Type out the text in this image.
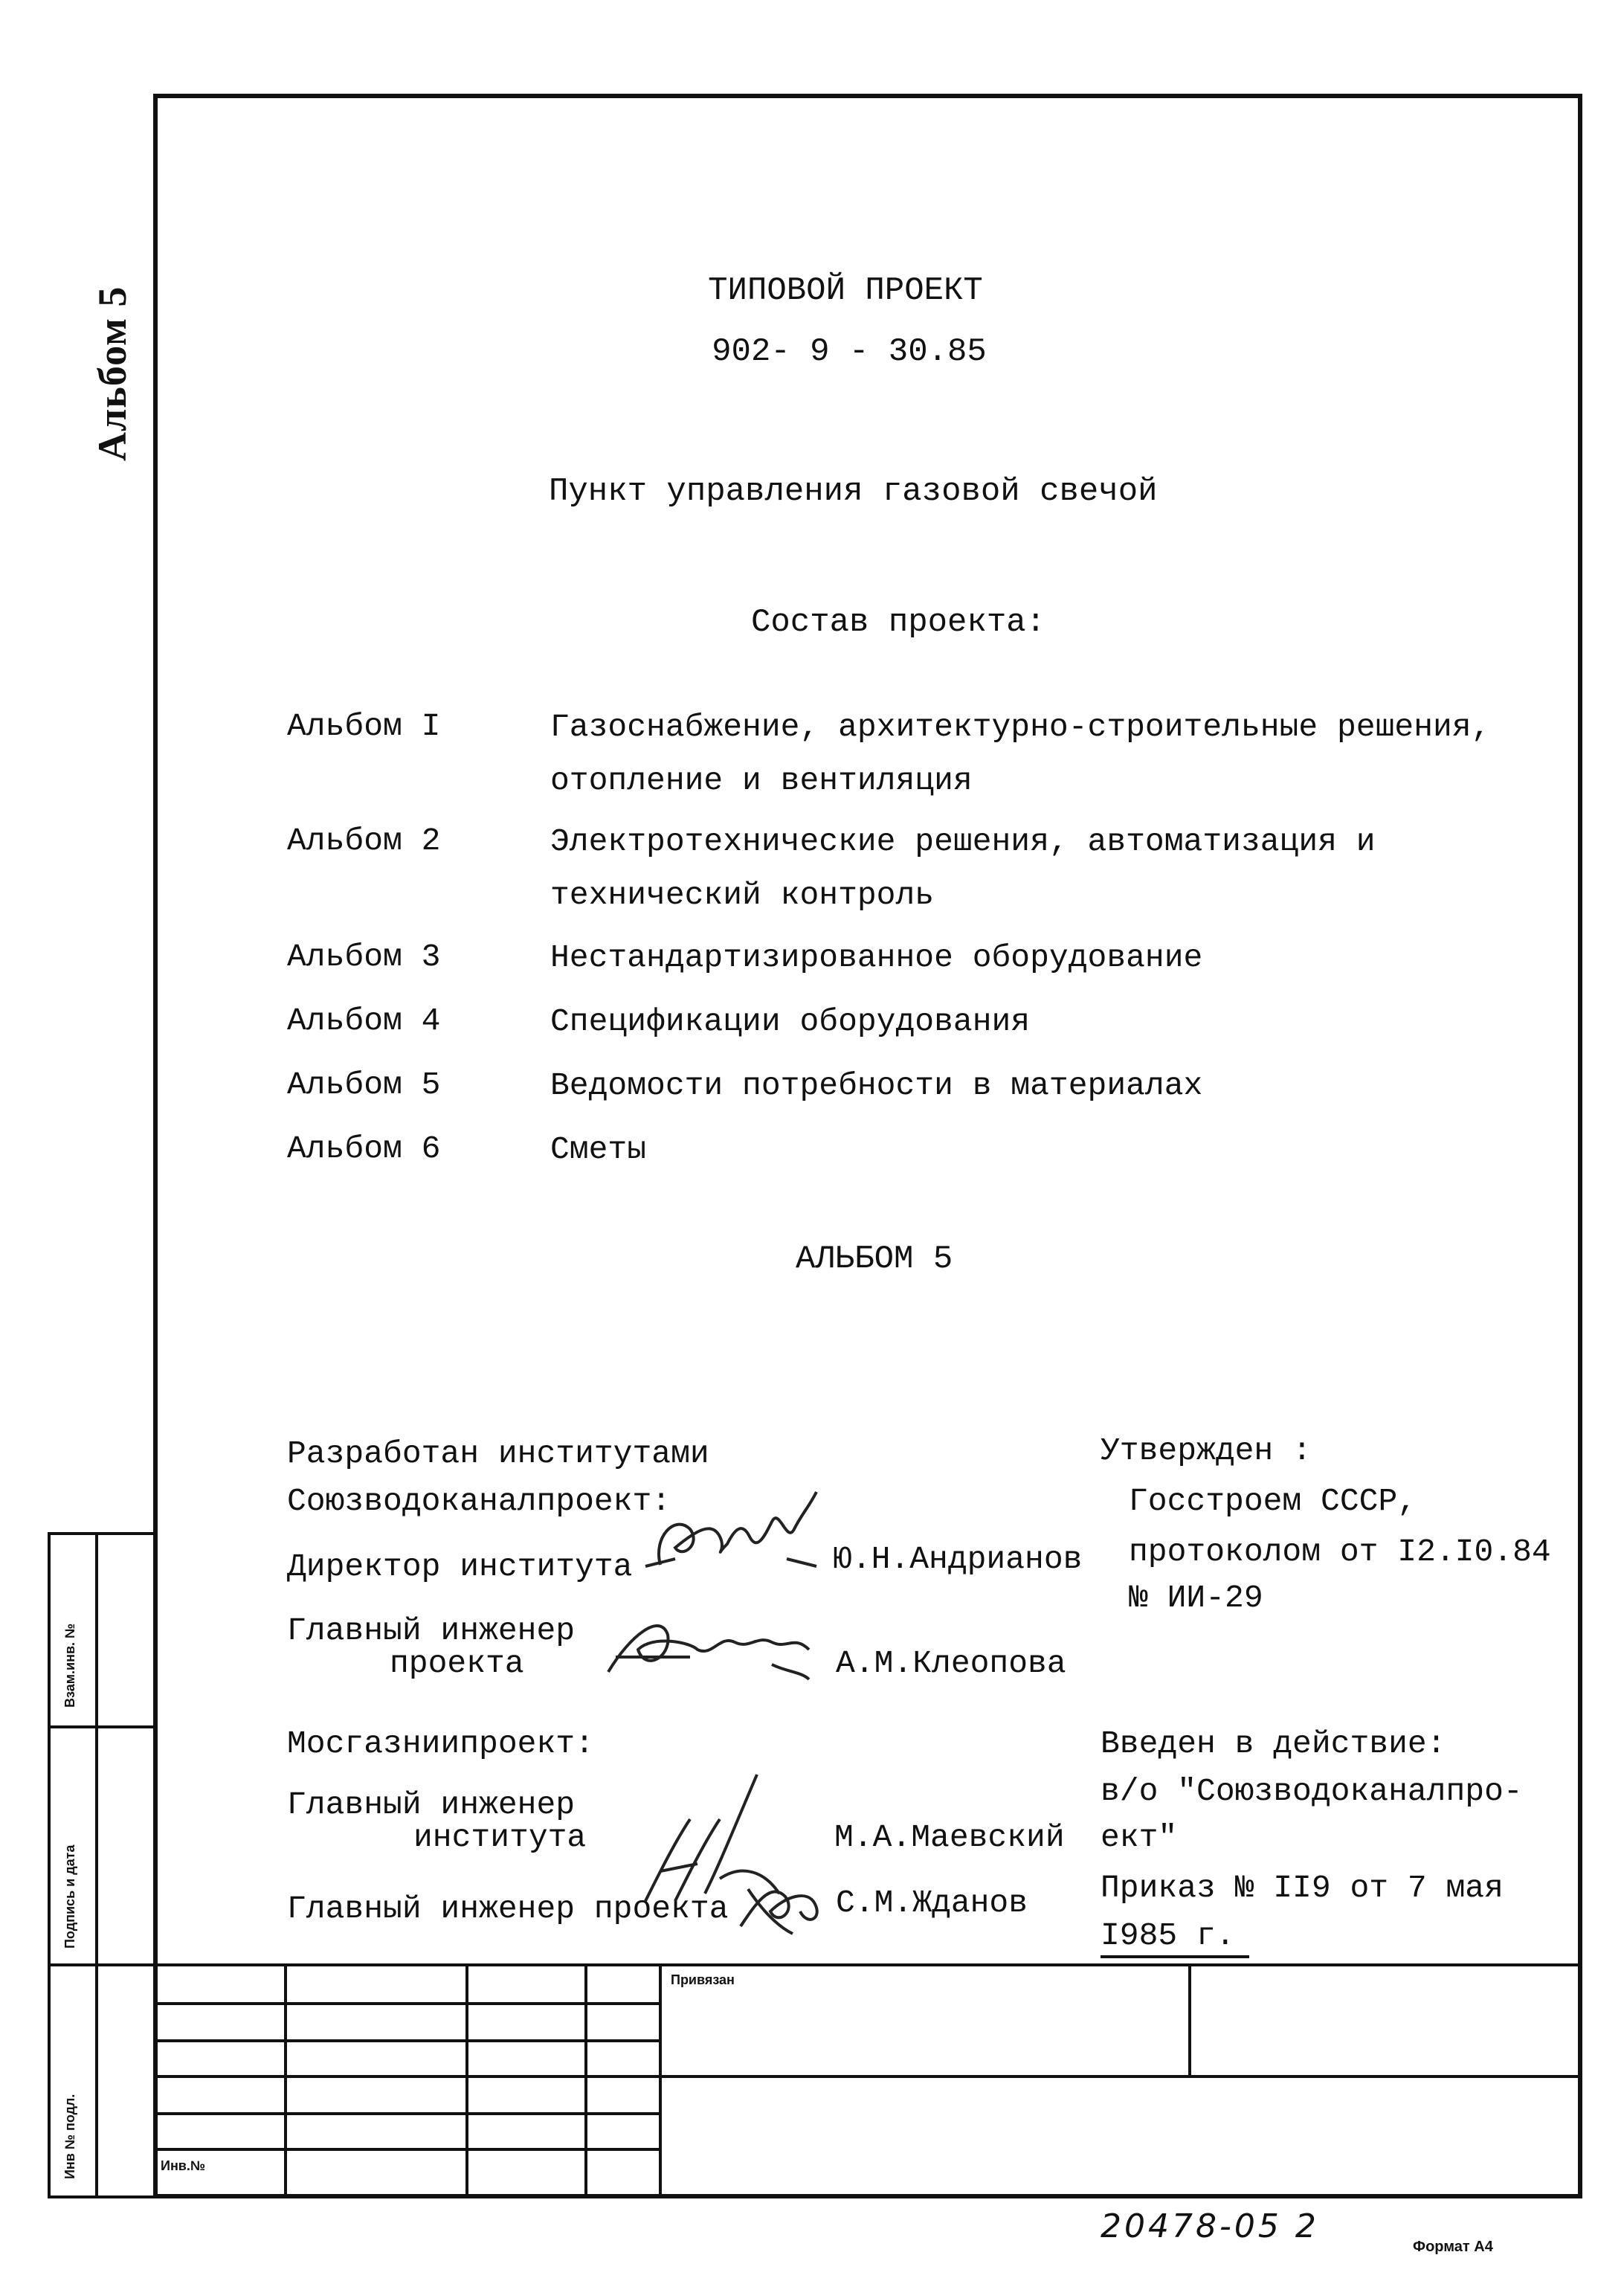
Альбом 5
Взам.инв. №
Подпись и дата
Инв № подл.
ТИПОВОЙ ПРОЕКТ
902- 9 - 30.85
Пункт управления газовой свечой
Состав проекта:
Альбом I	Газоснабжение, архитектурно-строительные решения, отопление и вентиляция
Альбом 2	Электротехнические решения, автоматизация и технический контроль
Альбом 3	Нестандартизированное оборудование
Альбом 4	Спецификации оборудования
Альбом 5	Ведомости потребности в материалах
Альбом 6	Сметы
АЛЬБОМ 5
Разработан институтами
Союзводоканалпроект:
Директор института	Ю.Н.Андрианов
Главный инженер
проекта	А.М.Клеопова
Мосгазниипроект:
Главный инженер
института	М.А.Маевский
Главный инженер проекта	С.М.Жданов
Утвержден :
Госстроем СССР,
протоколом от I2.I0.84
№ ИИ-29
Введен в действие:
в/о "Союзводоканалпро-
ект"
Приказ № II9 от 7 мая
I985 г.
Привязан
Инв.№
20478-05 2
Формат А4
